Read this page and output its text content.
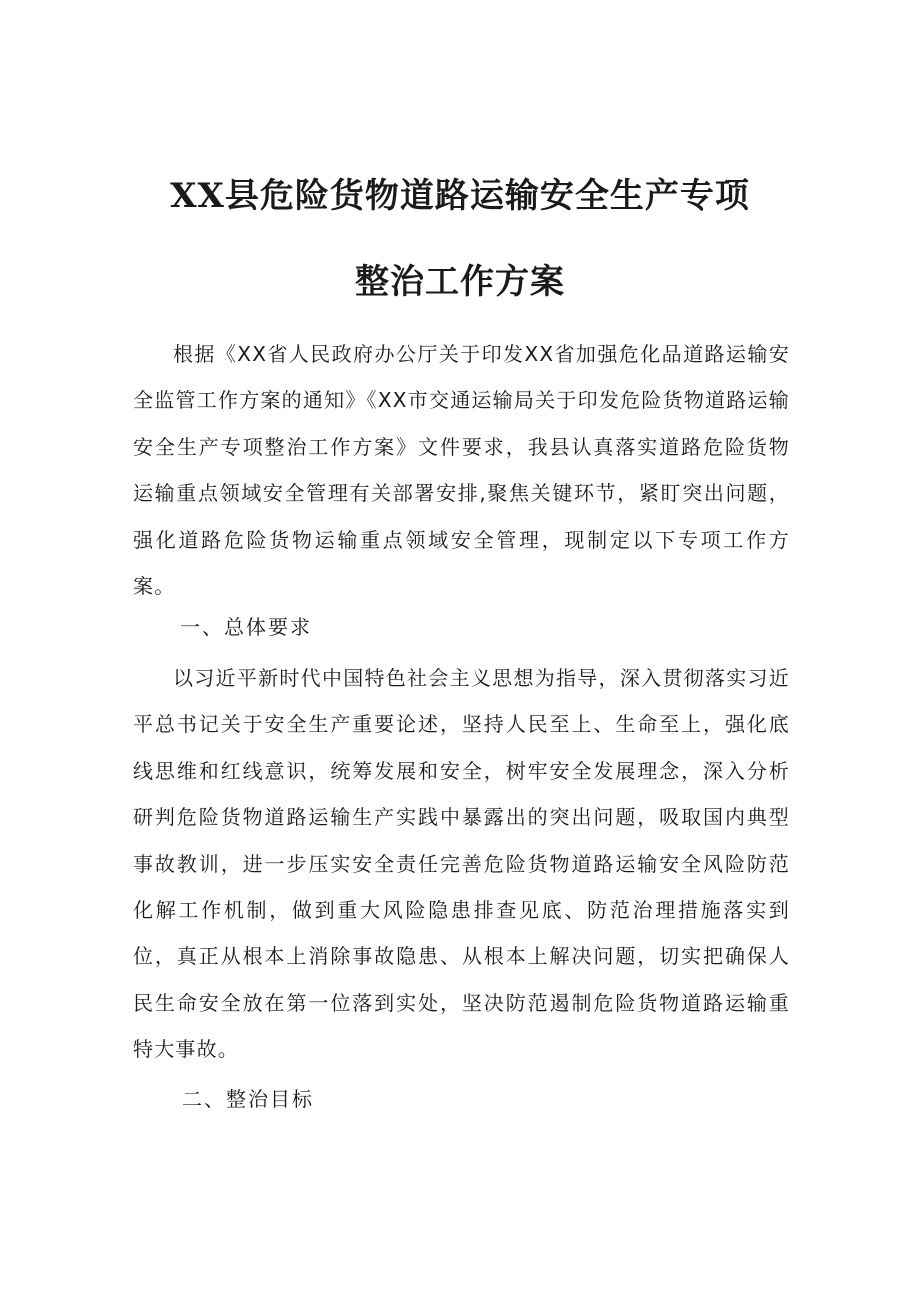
XX县危险货物道路运输安全生产专项
整治工作方案

根据《XX省人民政府办公厅关于印发XX省加强危化品道路运输安全监管工作方案的通知》《XX市交通运输局关于印发危险货物道路运输安全生产专项整治工作方案》文件要求，我县认真落实道路危险货物运输重点领域安全管理有关部署安排,聚焦关键环节，紧盯突出问题，强化道路危险货物运输重点领域安全管理，现制定以下专项工作方案。

一、总体要求

以习近平新时代中国特色社会主义思想为指导，深入贯彻落实习近平总书记关于安全生产重要论述，坚持人民至上、生命至上，强化底线思维和红线意识，统筹发展和安全，树牢安全发展理念，深入分析研判危险货物道路运输生产实践中暴露出的突出问题，吸取国内典型事故教训，进一步压实安全责任完善危险货物道路运输安全风险防范化解工作机制，做到重大风险隐患排查见底、防范治理措施落实到位，真正从根本上消除事故隐患、从根本上解决问题，切实把确保人民生命安全放在第一位落到实处，坚决防范遏制危险货物道路运输重特大事故。

二、整治目标
